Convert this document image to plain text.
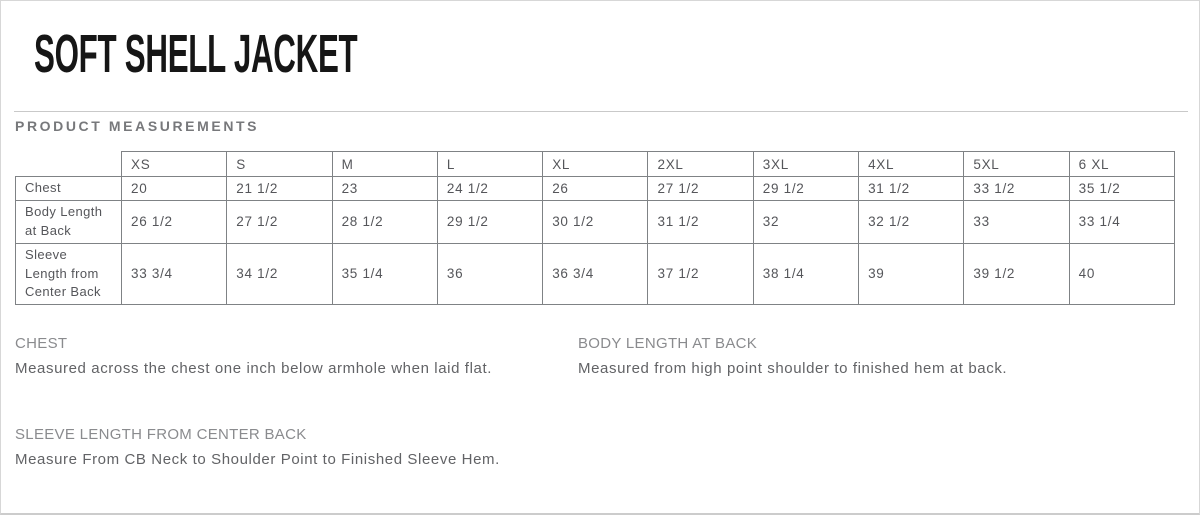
SOFT SHELL JACKET
PRODUCT MEASUREMENTS
	XS	S	M	L	XL	2XL	3XL	4XL	5XL	6 XL
Chest	20	21 1/2	23	24 1/2	26	27 1/2	29 1/2	31 1/2	33 1/2	35 1/2
Body Length at Back	26 1/2	27 1/2	28 1/2	29 1/2	30 1/2	31 1/2	32	32 1/2	33	33 1/4
Sleeve Length from Center Back	33 3/4	34 1/2	35 1/4	36	36 3/4	37 1/2	38 1/4	39	39 1/2	40
CHEST
Measured across the chest one inch below armhole when laid flat.
BODY LENGTH AT BACK
Measured from high point shoulder to finished hem at back.
SLEEVE LENGTH FROM CENTER BACK
Measure From CB Neck to Shoulder Point to Finished Sleeve Hem.
